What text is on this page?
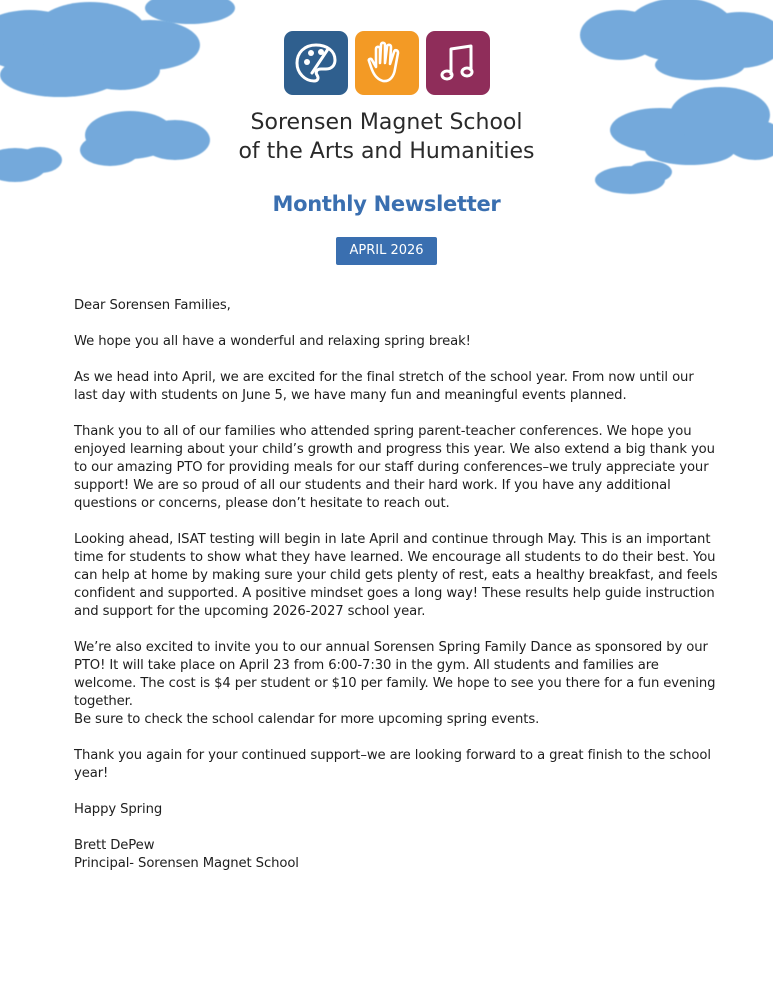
Sorensen Magnet School
of the Arts and Humanities
Monthly Newsletter
APRIL 2026

Dear Sorensen Families,

We hope you all have a wonderful and relaxing spring break!

As we head into April, we are excited for the final stretch of the school year. From now until our last day with students on June 5, we have many fun and meaningful events planned.

Thank you to all of our families who attended spring parent-teacher conferences. We hope you enjoyed learning about your child’s growth and progress this year. We also extend a big thank you to our amazing PTO for providing meals for our staff during conferences–we truly appreciate your support! We are so proud of all our students and their hard work. If you have any additional questions or concerns, please don’t hesitate to reach out.

Looking ahead, ISAT testing will begin in late April and continue through May. This is an important time for students to show what they have learned. We encourage all students to do their best. You can help at home by making sure your child gets plenty of rest, eats a healthy breakfast, and feels confident and supported. A positive mindset goes a long way! These results help guide instruction and support for the upcoming 2026-2027 school year.

We’re also excited to invite you to our annual Sorensen Spring Family Dance as sponsored by our PTO! It will take place on April 23 from 6:00-7:30 in the gym. All students and families are welcome. The cost is $4 per student or $10 per family. We hope to see you there for a fun evening together.

Be sure to check the school calendar for more upcoming spring events.

Thank you again for your continued support–we are looking forward to a great finish to the school year!

Happy Spring

Brett DePew
Principal- Sorensen Magnet School
